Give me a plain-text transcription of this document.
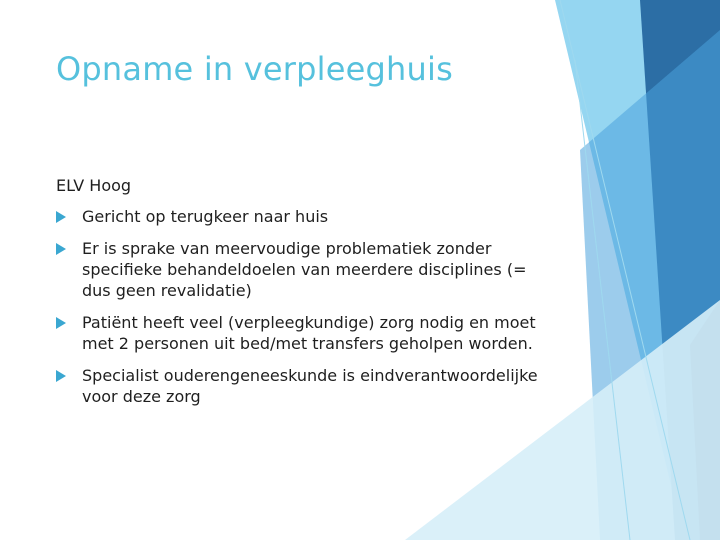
Opname in verpleeghuis
ELV Hoog
Gericht op terugkeer naar huis
Er is sprake van meervoudige problematiek zonder specifieke behandeldoelen van meerdere disciplines (= dus geen revalidatie)
Patiënt heeft veel (verpleegkundige) zorg nodig en moet met 2 personen uit bed/met transfers geholpen worden.
Specialist ouderengeneeskunde is eindverantwoordelijke voor deze zorg
